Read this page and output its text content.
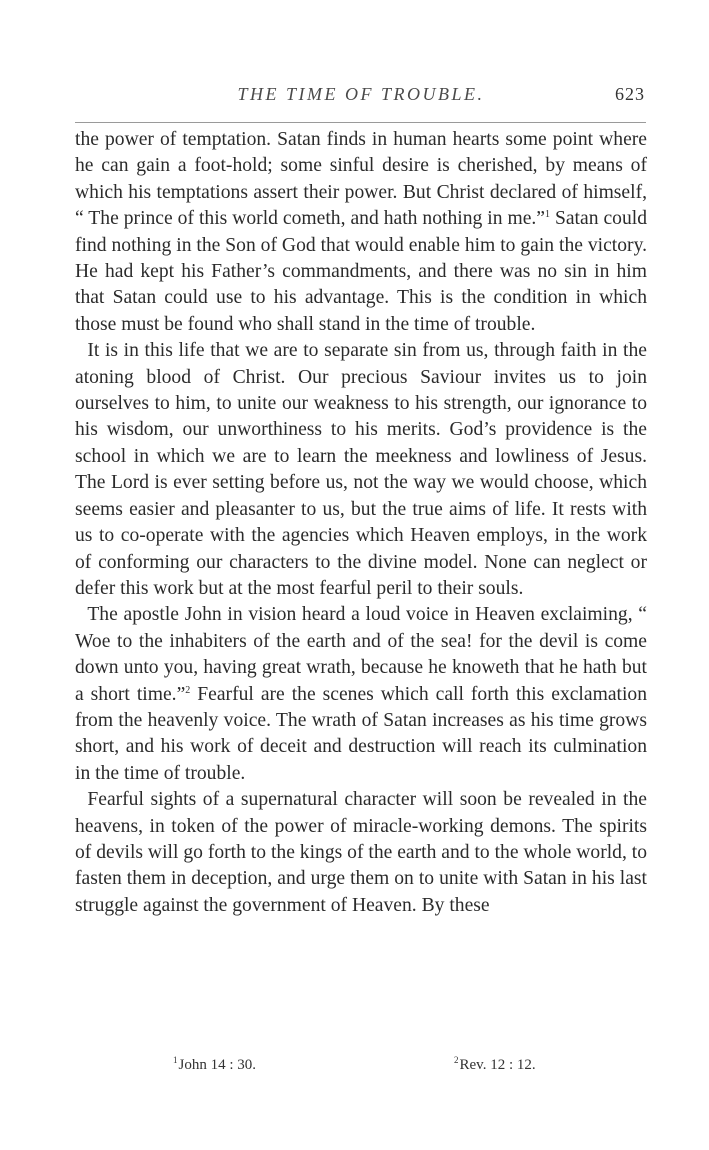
THE TIME OF TROUBLE.	623

the power of temptation. Satan finds in human hearts some point where he can gain a foot-hold; some sinful desire is cherished, by means of which his temptations assert their power. But Christ declared of himself, “ The prince of this world cometh, and hath nothing in me.”$^1$ Satan could find nothing in the Son of God that would enable him to gain the victory. He had kept his Father’s commandments, and there was no sin in him that Satan could use to his advantage. This is the condition in which those must be found who shall stand in the time of trouble.

It is in this life that we are to separate sin from us, through faith in the atoning blood of Christ. Our precious Saviour invites us to join ourselves to him, to unite our weakness to his strength, our ignorance to his wisdom, our unworthiness to his merits. God’s providence is the school in which we are to learn the meekness and lowliness of Jesus. The Lord is ever setting before us, not the way we would choose, which seems easier and pleasanter to us, but the true aims of life. It rests with us to co-operate with the agencies which Heaven employs, in the work of conforming our characters to the divine model. None can neglect or defer this work but at the most fearful peril to their souls.

The apostle John in vision heard a loud voice in Heaven exclaiming, “ Woe to the inhabiters of the earth and of the sea! for the devil is come down unto you, having great wrath, because he knoweth that he hath but a short time.”$^2$ Fearful are the scenes which call forth this exclamation from the heavenly voice. The wrath of Satan increases as his time grows short, and his work of deceit and destruction will reach its culmination in the time of trouble.

Fearful sights of a supernatural character will soon be revealed in the heavens, in token of the power of miracle-working demons. The spirits of devils will go forth to the kings of the earth and to the whole world, to fasten them in deception, and urge them on to unite with Satan in his last struggle against the government of Heaven. By these

$^1$John 14 : 30.	$^2$Rev. 12 : 12.
